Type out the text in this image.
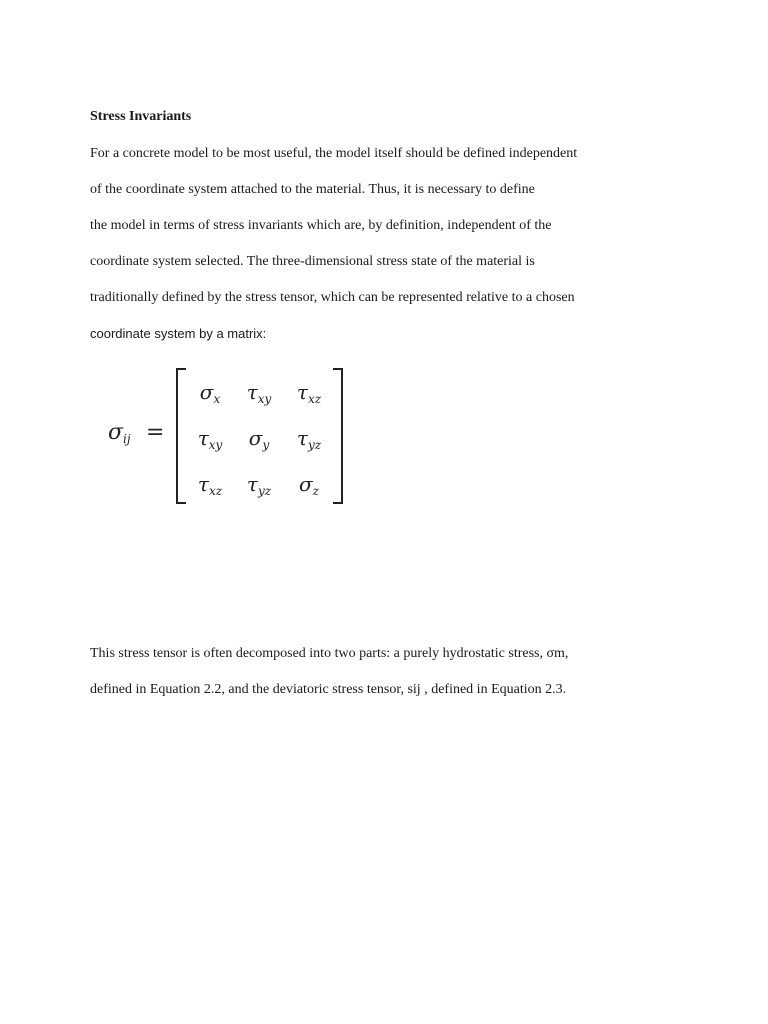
Stress Invariants
For a concrete model to be most useful, the model itself should be defined independent
of the coordinate system attached to the material. Thus, it is necessary to define
the model in terms of stress invariants which are, by definition, independent of the
coordinate system selected. The three-dimensional stress state of the material is
traditionally defined by the stress tensor, which can be represented relative to a chosen
coordinate system by a matrix:
$\sigma_{ij}$ =
$\sigma_x$	$\tau_{xy}$	$\tau_{xz}$
$\tau_{xy}$	$\sigma_y$	$\tau_{yz}$
$\tau_{xz}$	$\tau_{yz}$	$\sigma_z$
This stress tensor is often decomposed into two parts: a purely hydrostatic stress, σm,
defined in Equation 2.2, and the deviatoric stress tensor, sij , defined in Equation 2.3.
